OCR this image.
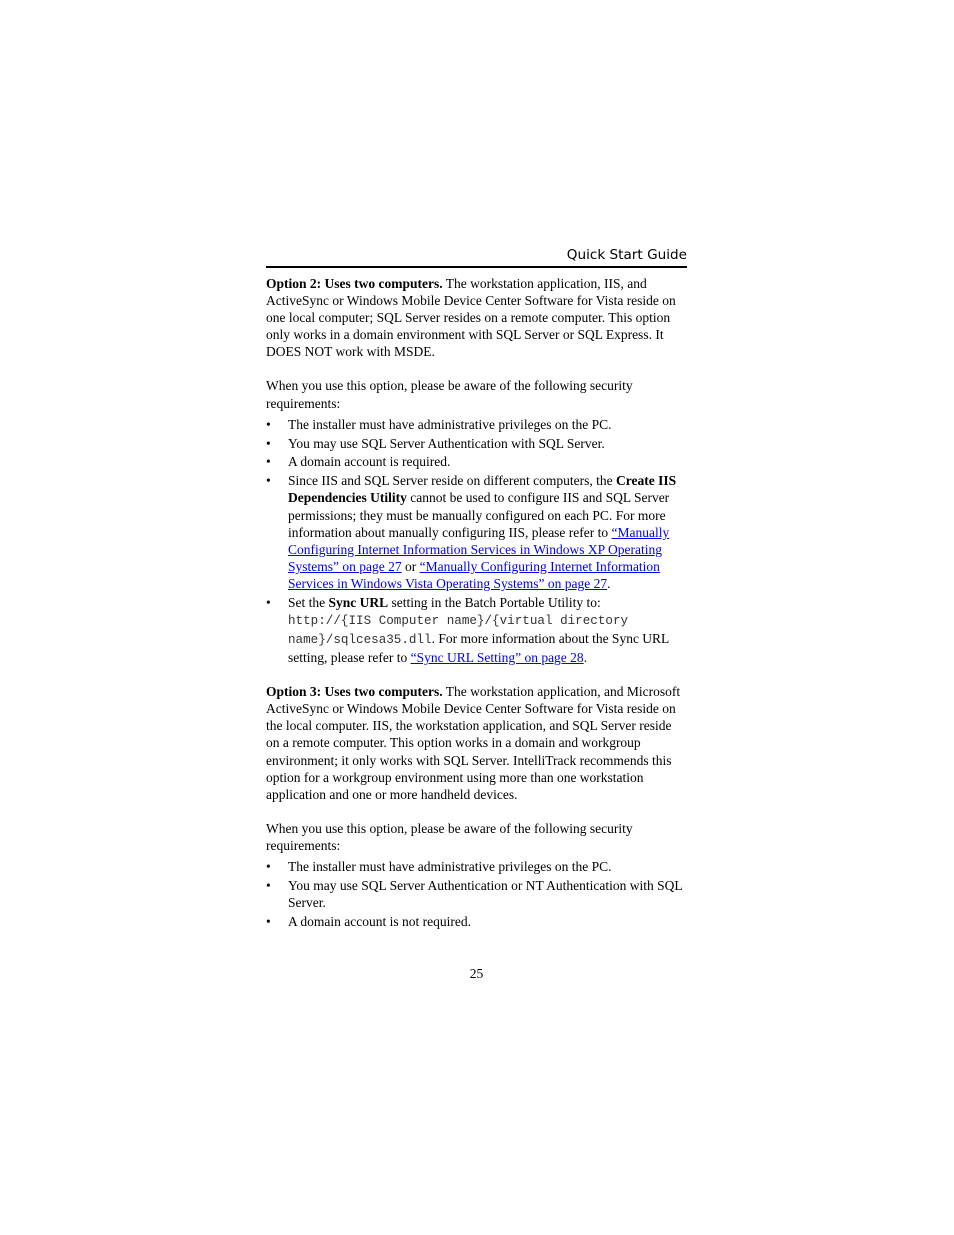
Quick Start Guide

Option 2: Uses two computers. The workstation application, IIS, and ActiveSync or Windows Mobile Device Center Software for Vista reside on one local computer; SQL Server resides on a remote computer. This option only works in a domain environment with SQL Server or SQL Express. It DOES NOT work with MSDE.

When you use this option, please be aware of the following security requirements:

• The installer must have administrative privileges on the PC.
• You may use SQL Server Authentication with SQL Server.
• A domain account is required.
• Since IIS and SQL Server reside on different computers, the Create IIS Dependencies Utility cannot be used to configure IIS and SQL Server permissions; they must be manually configured on each PC. For more information about manually configuring IIS, please refer to “Manually Configuring Internet Information Services in Windows XP Operating Systems” on page 27 or “Manually Configuring Internet Information Services in Windows Vista Operating Systems” on page 27.
• Set the Sync URL setting in the Batch Portable Utility to: http://{IIS Computer name}/{virtual directory name}/sqlcesa35.dll. For more information about the Sync URL setting, please refer to “Sync URL Setting” on page 28.

Option 3: Uses two computers. The workstation application, and Microsoft ActiveSync or Windows Mobile Device Center Software for Vista reside on the local computer. IIS, the workstation application, and SQL Server reside on a remote computer. This option works in a domain and workgroup environment; it only works with SQL Server. IntelliTrack recommends this option for a workgroup environment using more than one workstation application and one or more handheld devices.

When you use this option, please be aware of the following security requirements:

• The installer must have administrative privileges on the PC.
• You may use SQL Server Authentication or NT Authentication with SQL Server.
• A domain account is not required.
25
